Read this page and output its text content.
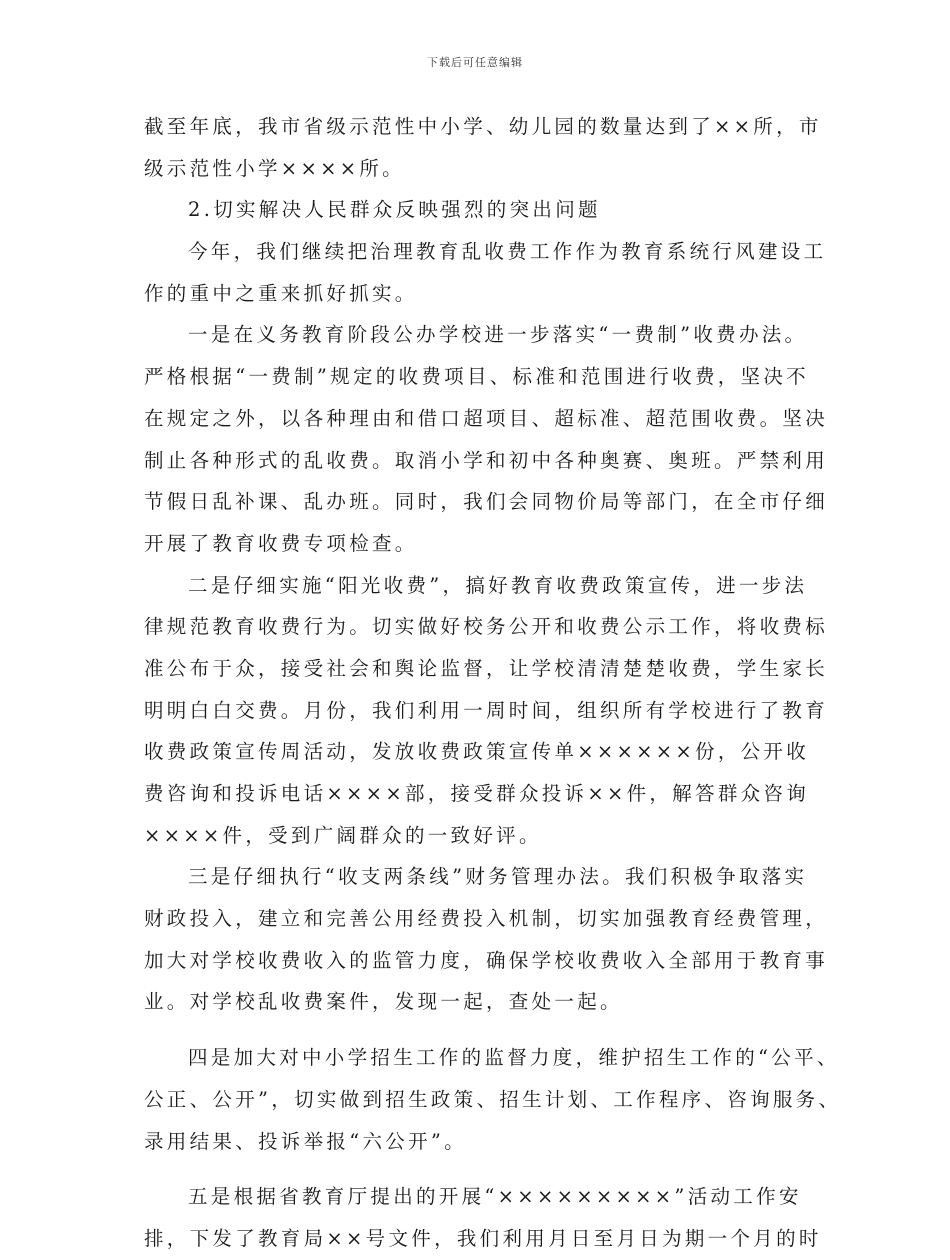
下载后可任意编辑
截至年底，我市省级示范性中小学、幼儿园的数量达到了××所，市
级示范性小学××××所。
2.切实解决人民群众反映强烈的突出问题
今年，我们继续把治理教育乱收费工作作为教育系统行风建设工
作的重中之重来抓好抓实。
一是在义务教育阶段公办学校进一步落实“一费制”收费办法。
严格根据“一费制”规定的收费项目、标准和范围进行收费，坚决不
在规定之外，以各种理由和借口超项目、超标准、超范围收费。坚决
制止各种形式的乱收费。取消小学和初中各种奥赛、奥班。严禁利用
节假日乱补课、乱办班。同时，我们会同物价局等部门，在全市仔细
开展了教育收费专项检查。
二是仔细实施“阳光收费”，搞好教育收费政策宣传，进一步法
律规范教育收费行为。切实做好校务公开和收费公示工作，将收费标
准公布于众，接受社会和舆论监督，让学校清清楚楚收费，学生家长
明明白白交费。月份，我们利用一周时间，组织所有学校进行了教育
收费政策宣传周活动，发放收费政策宣传单××××××份，公开收
费咨询和投诉电话××××部，接受群众投诉××件，解答群众咨询
××××件，受到广阔群众的一致好评。
三是仔细执行“收支两条线”财务管理办法。我们积极争取落实
财政投入，建立和完善公用经费投入机制，切实加强教育经费管理，
加大对学校收费收入的监管力度，确保学校收费收入全部用于教育事
业。对学校乱收费案件，发现一起，查处一起。
四是加大对中小学招生工作的监督力度，维护招生工作的“公平、
公正、公开”，切实做到招生政策、招生计划、工作程序、咨询服务、
录用结果、投诉举报“六公开”。
五是根据省教育厅提出的开展“×××××××××”活动工作安
排，下发了教育局××号文件，我们利用月日至月日为期一个月的时
